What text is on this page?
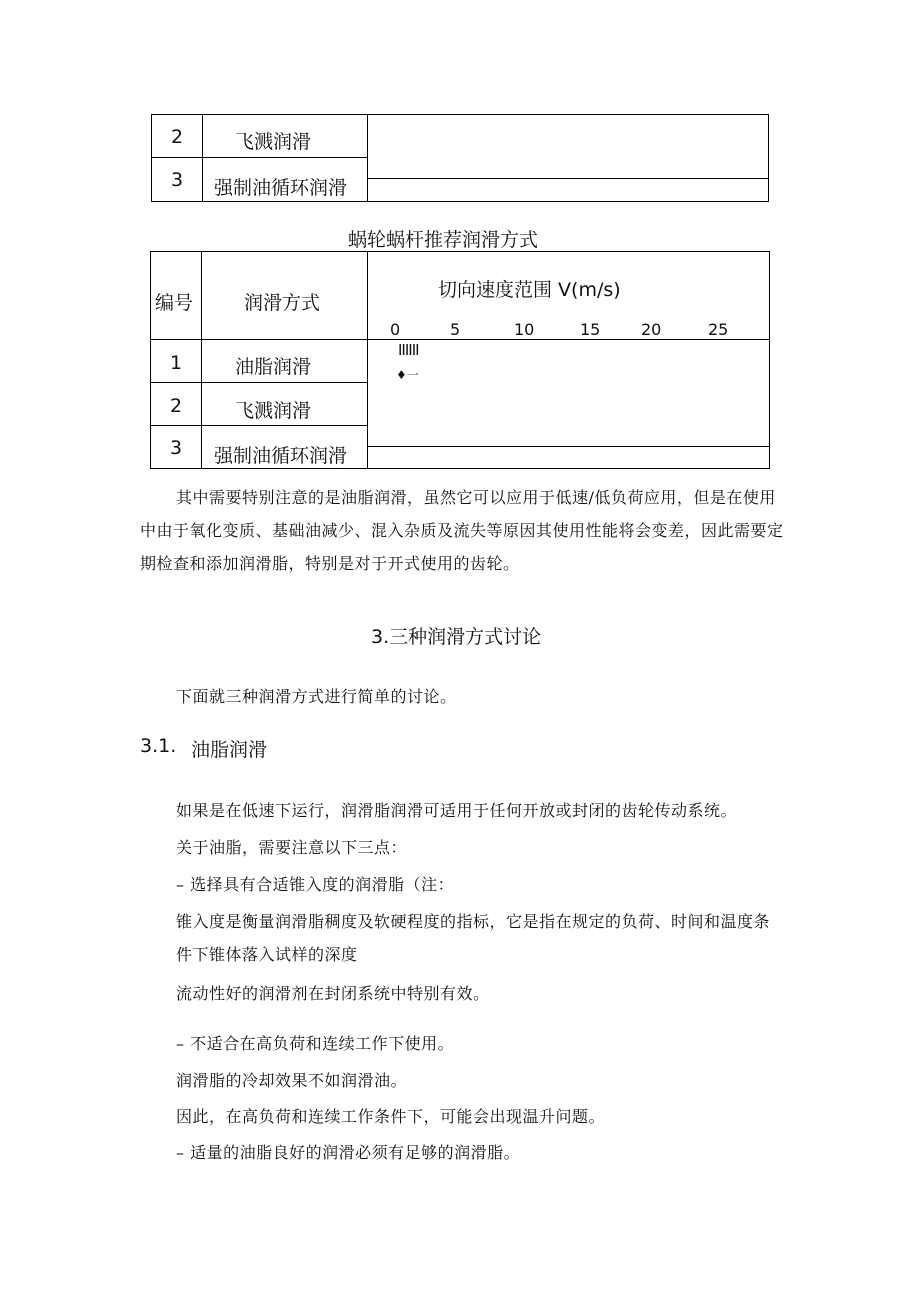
2	飞溅润滑
3 强制油循环润滑
蜗轮蜗杆推荐润滑方式
编号	润滑方式
切向速度范围 V(m/s)
0	5	10	15	20	25
IIIIII
♦一
1	油脂润滑
2	飞溅润滑
3 强制油循环润滑
其中需要特别注意的是油脂润滑，虽然它可以应用于低速/低负荷应用，但是在使用中由于氧化变质、基础油减少、混入杂质及流失等原因其使用性能将会变差，因此需要定期检查和添加润滑脂，特别是对于开式使用的齿轮。
3.三种润滑方式讨论
下面就三种润滑方式进行简单的讨论。
3.1. 油脂润滑
如果是在低速下运行，润滑脂润滑可适用于任何开放或封闭的齿轮传动系统。
关于油脂，需要注意以下三点：
– 选择具有合适锥入度的润滑脂（注：
锥入度是衡量润滑脂稠度及软硬程度的指标，它是指在规定的负荷、时间和温度条件下锥体落入试样的深度
流动性好的润滑剂在封闭系统中特别有效。
– 不适合在高负荷和连续工作下使用。
润滑脂的冷却效果不如润滑油。
因此，在高负荷和连续工作条件下，可能会出现温升问题。
– 适量的油脂良好的润滑必须有足够的润滑脂。
